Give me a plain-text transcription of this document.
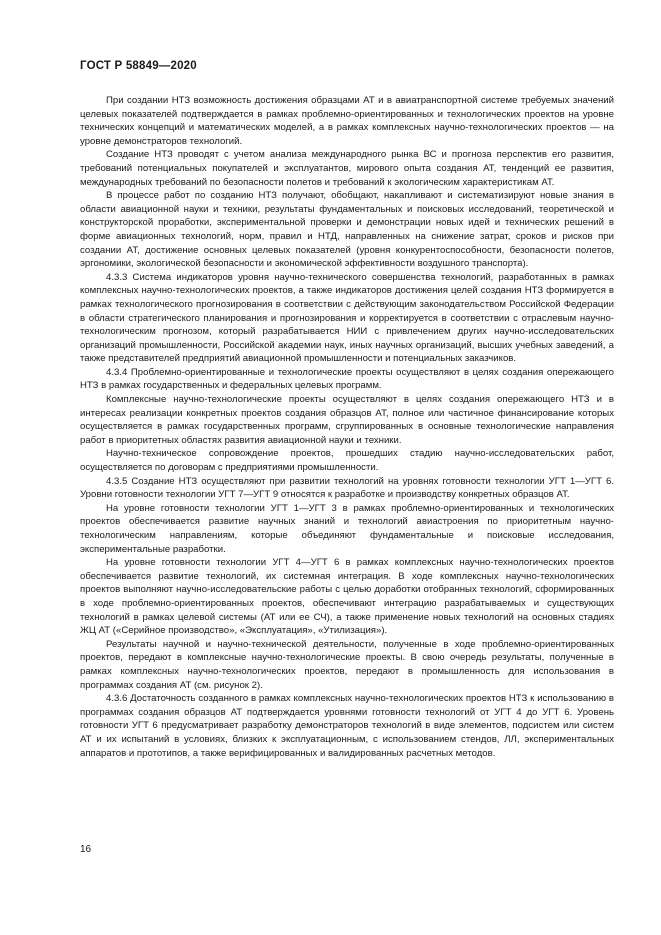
ГОСТ Р 58849—2020

При создании НТЗ возможность достижения образцами АТ и в авиатранспортной системе требуемых значений целевых показателей подтверждается в рамках проблемно-ориентированных и технологических проектов на уровне технических концепций и математических моделей, а в рамках комплексных научно-технологических проектов — на уровне демонстраторов технологий.

Создание НТЗ проводят с учетом анализа международного рынка ВС и прогноза перспектив его развития, требований потенциальных покупателей и эксплуатантов, мирового опыта создания АТ, тенденций ее развития, международных требований по безопасности полетов и требований к экологическим характеристикам АТ.

В процессе работ по созданию НТЗ получают, обобщают, накапливают и систематизируют новые знания в области авиационной науки и техники, результаты фундаментальных и поисковых исследований, теоретической и конструкторской проработки, экспериментальной проверки и демонстрации новых идей и технических решений в форме авиационных технологий, норм, правил и НТД, направленных на снижение затрат, сроков и рисков при создании АТ, достижение основных целевых показателей (уровня конкурентоспособности, безопасности полетов, эргономики, экологической безопасности и экономической эффективности воздушного транспорта).

4.3.3 Система индикаторов уровня научно-технического совершенства технологий, разработанных в рамках комплексных научно-технологических проектов, а также индикаторов достижения целей создания НТЗ формируется в рамках технологического прогнозирования в соответствии с действующим законодательством Российской Федерации в области стратегического планирования и прогнозирования и корректируется в соответствии с отраслевым научно-технологическим прогнозом, который разрабатывается НИИ с привлечением других научно-исследовательских организаций промышленности, Российской академии наук, иных научных организаций, высших учебных заведений, а также представителей предприятий авиационной промышленности и потенциальных заказчиков.

4.3.4 Проблемно-ориентированные и технологические проекты осуществляют в целях создания опережающего НТЗ в рамках государственных и федеральных целевых программ.

Комплексные научно-технологические проекты осуществляют в целях создания опережающего НТЗ и в интересах реализации конкретных проектов создания образцов АТ, полное или частичное финансирование которых осуществляется в рамках государственных программ, сгруппированных в основные технологические направления работ в приоритетных областях развития авиационной науки и техники.

Научно-техническое сопровождение проектов, прошедших стадию научно-исследовательских работ, осуществляется по договорам с предприятиями промышленности.

4.3.5 Создание НТЗ осуществляют при развитии технологий на уровнях готовности технологии УГТ 1—УГТ 6. Уровни готовности технологии УГТ 7—УГТ 9 относятся к разработке и производству конкретных образцов АТ.

На уровне готовности технологии УГТ 1—УГТ 3 в рамках проблемно-ориентированных и технологических проектов обеспечивается развитие научных знаний и технологий авиастроения по приоритетным научно-технологическим направлениям, которые объединяют фундаментальные и поисковые исследования, экспериментальные разработки.

На уровне готовности технологии УГТ 4—УГТ 6 в рамках комплексных научно-технологических проектов обеспечивается развитие технологий, их системная интеграция. В ходе комплексных научно-технологических проектов выполняют научно-исследовательские работы с целью доработки отобранных технологий, сформированных в ходе проблемно-ориентированных проектов, обеспечивают интеграцию разрабатываемых и существующих технологий в рамках целевой системы (АТ или ее СЧ), а также применение новых технологий на основных стадиях ЖЦ АТ («Серийное производство», «Эксплуатация», «Утилизация»).

Результаты научной и научно-технической деятельности, полученные в ходе проблемно-ориентированных проектов, передают в комплексные научно-технологические проекты. В свою очередь результаты, полученные в рамках комплексных научно-технологических проектов, передают в промышленность для использования в программах создания АТ (см. рисунок 2).

4.3.6 Достаточность созданного в рамках комплексных научно-технологических проектов НТЗ к использованию в программах создания образцов АТ подтверждается уровнями готовности технологий от УГТ 4 до УГТ 6. Уровень готовности УГТ 6 предусматривает разработку демонстраторов технологий в виде элементов, подсистем или систем АТ и их испытаний в условиях, близких к эксплуатационным, с использованием стендов, ЛЛ, экспериментальных аппаратов и прототипов, а также верифицированных и валидированных расчетных методов.

16
